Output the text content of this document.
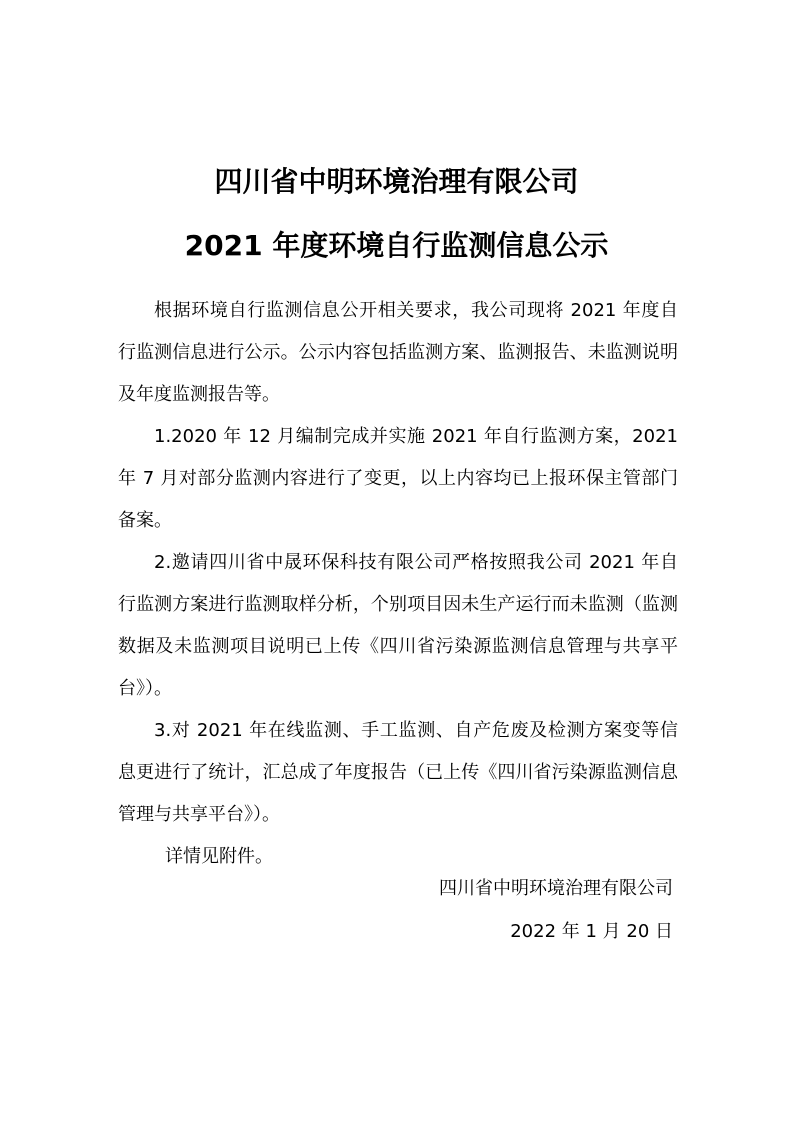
四川省中明环境治理有限公司
2021 年度环境自行监测信息公示

根据环境自行监测信息公开相关要求，我公司现将 2021 年度自行监测信息进行公示。公示内容包括监测方案、监测报告、未监测说明及年度监测报告等。

1.2020 年 12 月编制完成并实施 2021 年自行监测方案，2021 年 7 月对部分监测内容进行了变更，以上内容均已上报环保主管部门备案。

2.邀请四川省中晟环保科技有限公司严格按照我公司 2021 年自行监测方案进行监测取样分析，个别项目因未生产运行而未监测（监测数据及未监测项目说明已上传《四川省污染源监测信息管理与共享平台》）。

3.对 2021 年在线监测、手工监测、自产危废及检测方案变等信息更进行了统计，汇总成了年度报告（已上传《四川省污染源监测信息管理与共享平台》）。

详情见附件。

四川省中明环境治理有限公司

2022 年 1 月 20 日
